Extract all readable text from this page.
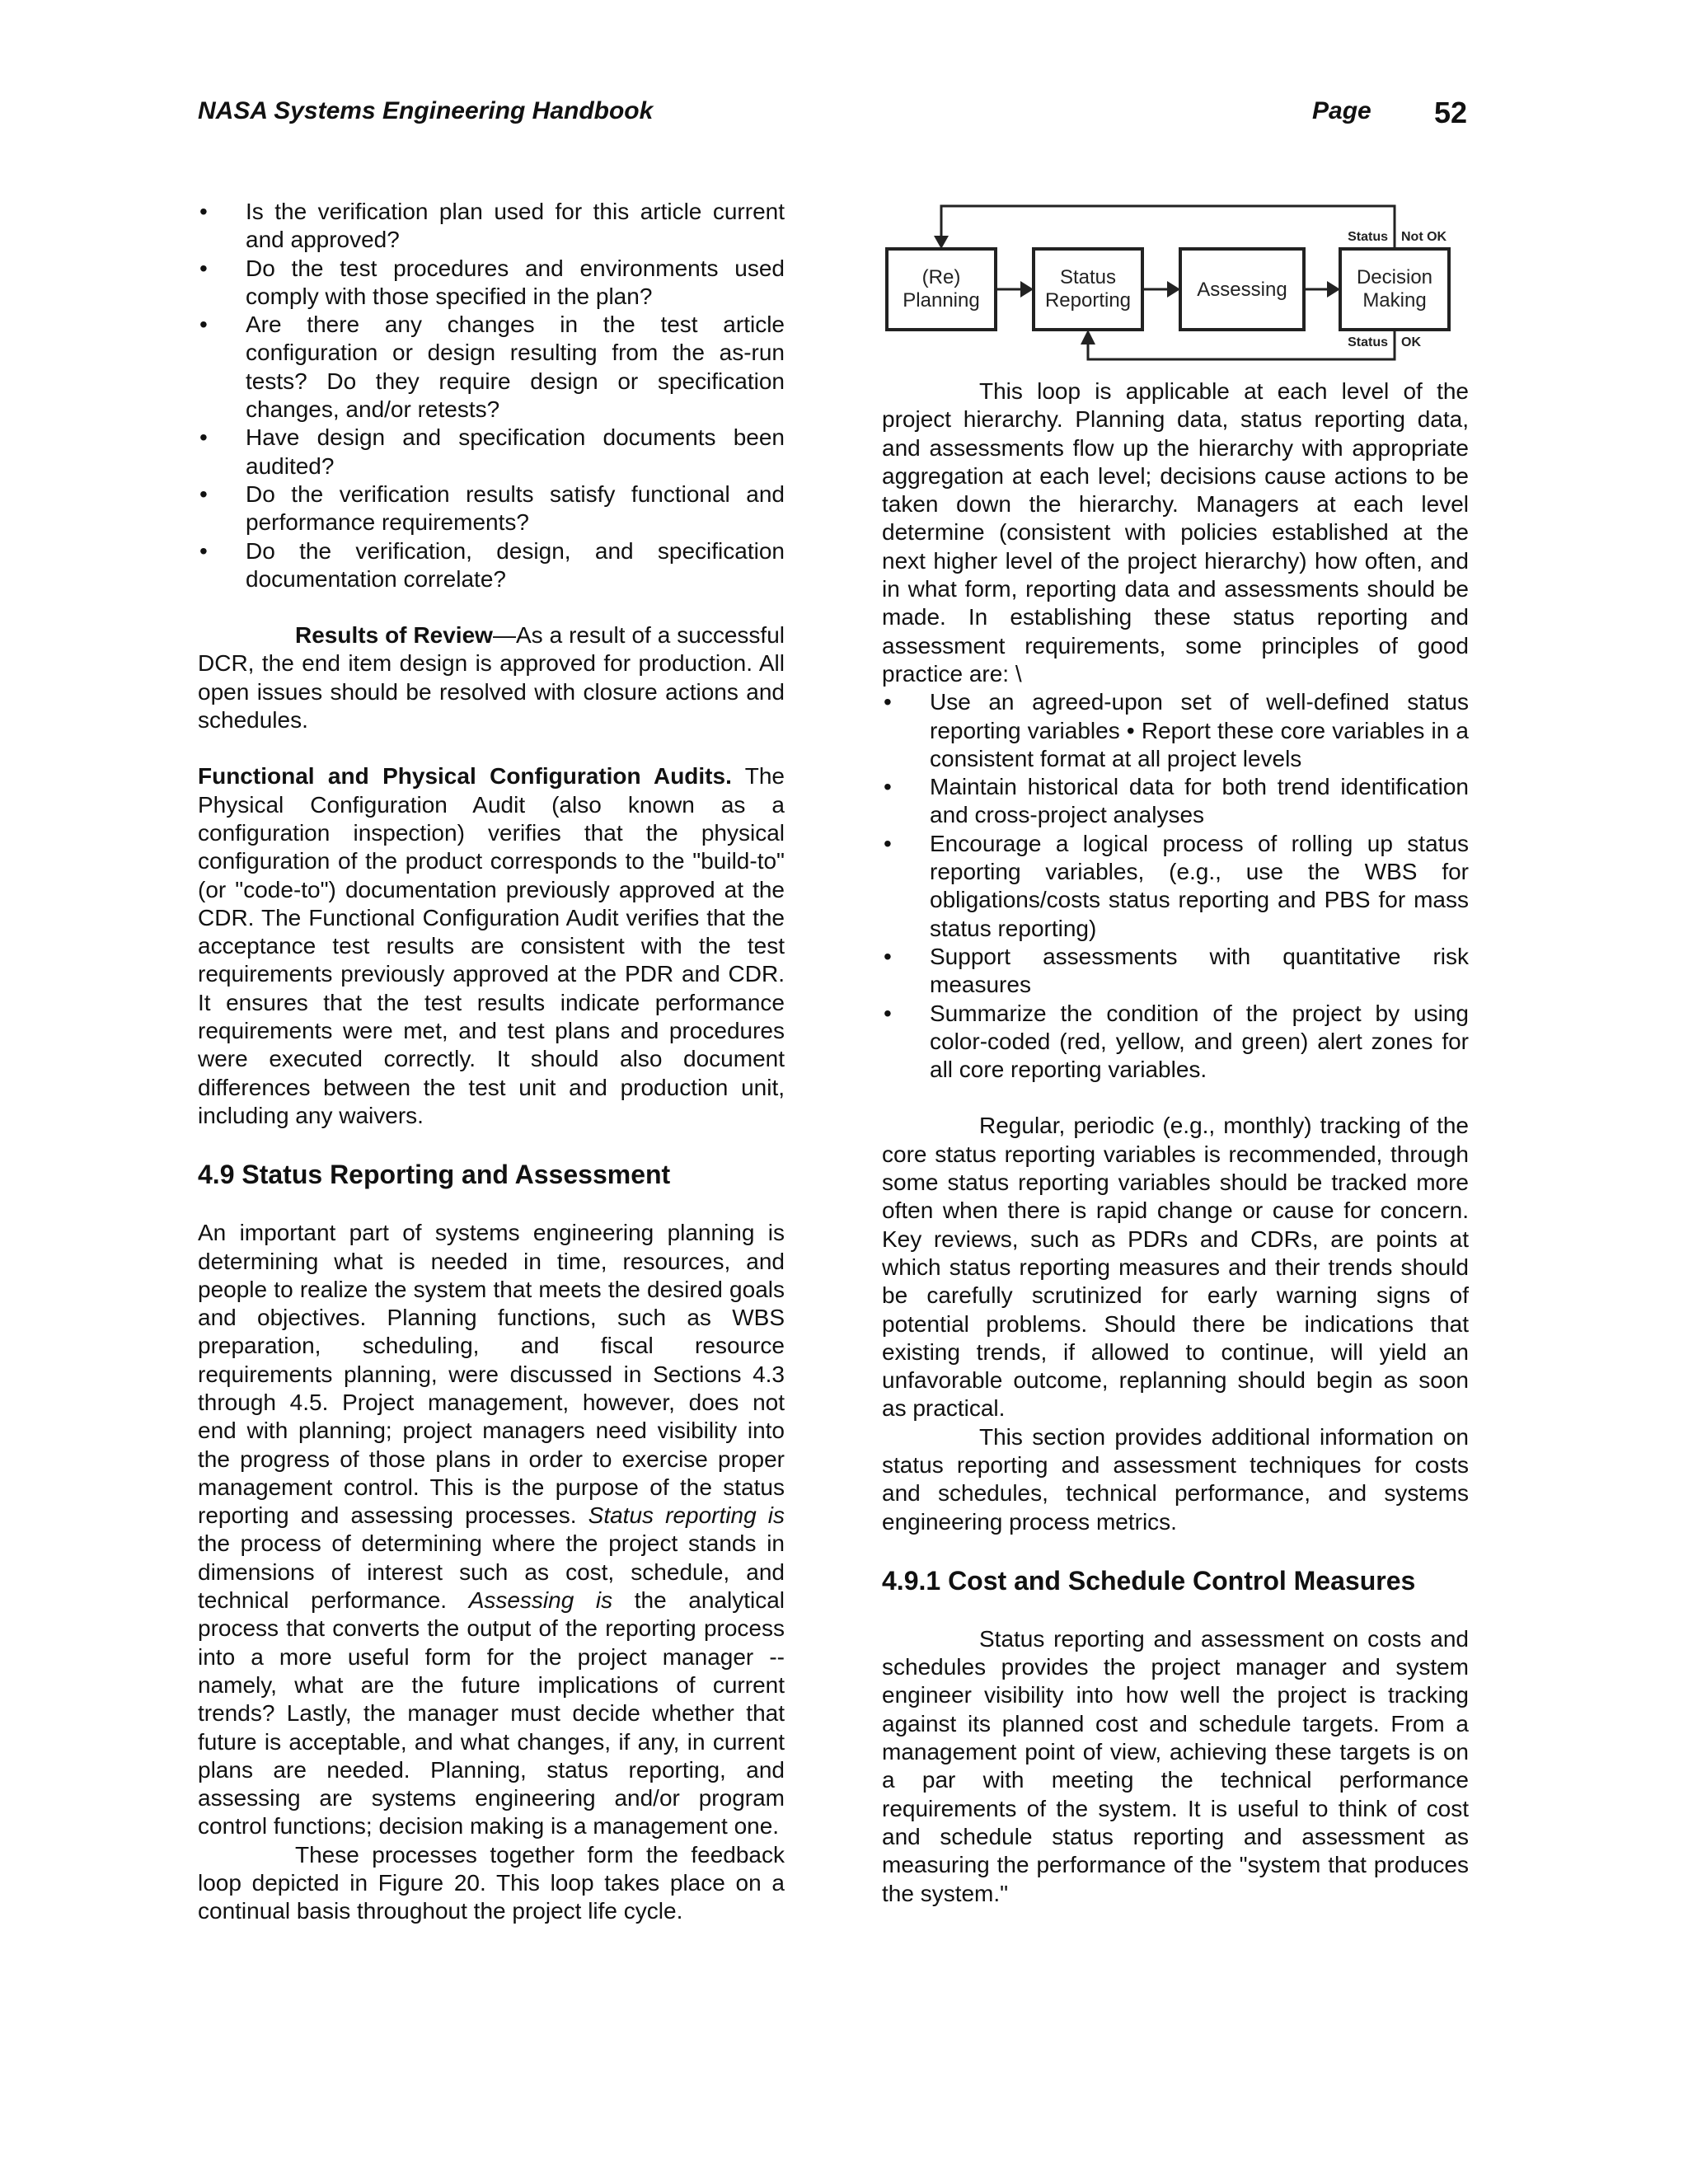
NASA Systems Engineering Handbook	Page 52
• Is the verification plan used for this article current and approved?
• Do the test procedures and environments used comply with those specified in the plan?
• Are there any changes in the test article configuration or design resulting from the as-run tests? Do they require design or specification changes, and/or retests?
• Have design and specification documents been audited?
• Do the verification results satisfy functional and performance requirements?
• Do the verification, design, and specification documentation correlate?

Results of Review—As a result of a successful DCR, the end item design is approved for production. All open issues should be resolved with closure actions and schedules.

Functional and Physical Configuration Audits. The Physical Configuration Audit (also known as a configuration inspection) verifies that the physical configuration of the product corresponds to the "build-to" (or "code-to") documentation previously approved at the CDR. The Functional Configuration Audit verifies that the acceptance test results are consistent with the test requirements previously approved at the PDR and CDR. It ensures that the test results indicate performance requirements were met, and test plans and procedures were executed correctly. It should also document differences between the test unit and production unit, including any waivers.

4.9 Status Reporting and Assessment

An important part of systems engineering planning is determining what is needed in time, resources, and people to realize the system that meets the desired goals and objectives. Planning functions, such as WBS preparation, scheduling, and fiscal resource requirements planning, were discussed in Sections 4.3 through 4.5. Project management, however, does not end with planning; project managers need visibility into the progress of those plans in order to exercise proper management control. This is the purpose of the status reporting and assessing processes. Status reporting is the process of determining where the project stands in dimensions of interest such as cost, schedule, and technical performance. Assessing is the analytical process that converts the output of the reporting process into a more useful form for the project manager -- namely, what are the future implications of current trends? Lastly, the manager must decide whether that future is acceptable, and what changes, if any, in current plans are needed. Planning, status reporting, and assessing are systems engineering and/or program control functions; decision making is a management one.

These processes together form the feedback loop depicted in Figure 20. This loop takes place on a continual basis throughout the project life cycle.

(Re)
Planning
Status
Reporting	Assessing
Decision
Making
Status Not OK
Status OK

This loop is applicable at each level of the project hierarchy. Planning data, status reporting data, and assessments flow up the hierarchy with appropriate aggregation at each level; decisions cause actions to be taken down the hierarchy. Managers at each level determine (consistent with policies established at the next higher level of the project hierarchy) how often, and in what form, reporting data and assessments should be made. In establishing these status reporting and assessment requirements, some principles of good practice are: \

• Use an agreed-upon set of well-defined status reporting variables • Report these core variables in a consistent format at all project levels
• Maintain historical data for both trend identification and cross-project analyses
• Encourage a logical process of rolling up status reporting variables, (e.g., use the WBS for obligations/costs status reporting and PBS for mass status reporting)
• Support assessments with quantitative risk measures
• Summarize the condition of the project by using color-coded (red, yellow, and green) alert zones for all core reporting variables.

Regular, periodic (e.g., monthly) tracking of the core status reporting variables is recommended, through some status reporting variables should be tracked more often when there is rapid change or cause for concern. Key reviews, such as PDRs and CDRs, are points at which status reporting measures and their trends should be carefully scrutinized for early warning signs of potential problems. Should there be indications that existing trends, if allowed to continue, will yield an unfavorable outcome, replanning should begin as soon as practical.

This section provides additional information on status reporting and assessment techniques for costs and schedules, technical performance, and systems engineering process metrics.

4.9.1 Cost and Schedule Control Measures

Status reporting and assessment on costs and schedules provides the project manager and system engineer visibility into how well the project is tracking against its planned cost and schedule targets. From a management point of view, achieving these targets is on a par with meeting the technical performance requirements of the system. It is useful to think of cost and schedule status reporting and assessment as measuring the performance of the "system that produces the system."
